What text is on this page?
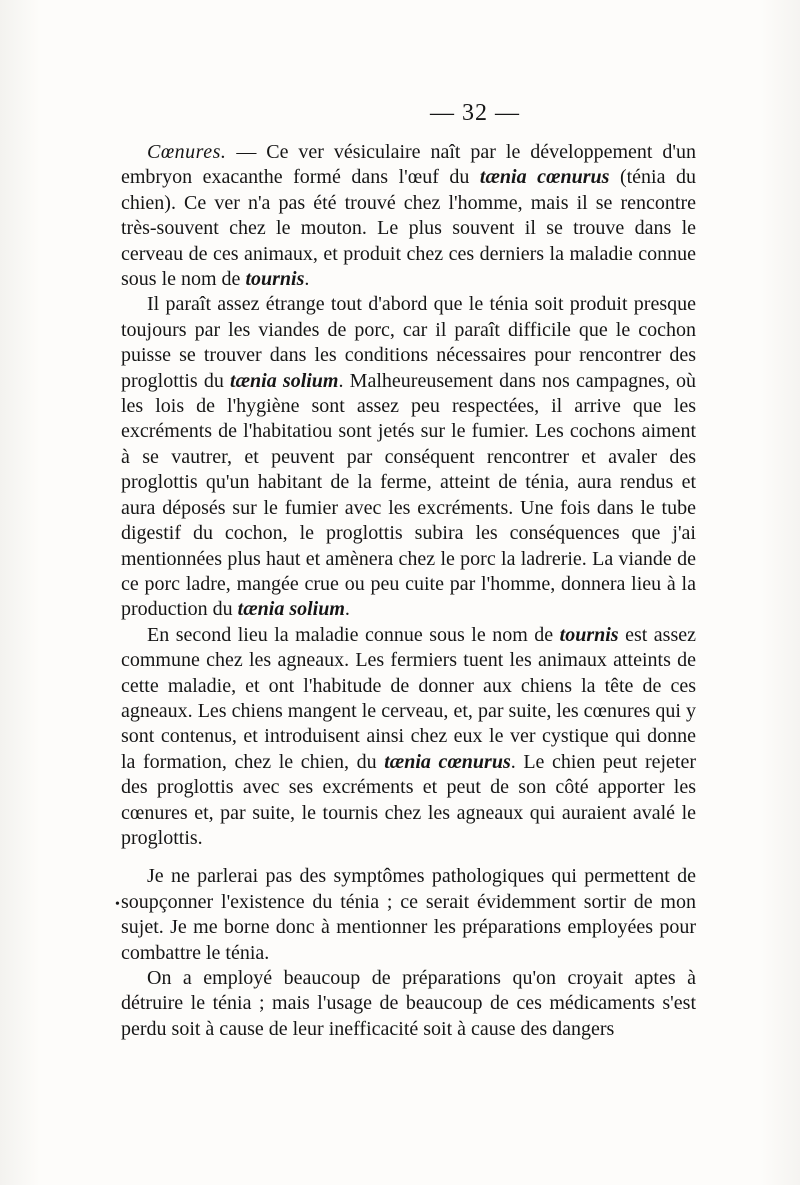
— 32 —
•

Cœnures. — Ce ver vésiculaire naît par le développement d'un embryon exacanthe formé dans l'œuf du tænia cœnurus (ténia du chien). Ce ver n'a pas été trouvé chez l'homme, mais il se rencontre très-souvent chez le mouton. Le plus souvent il se trouve dans le cerveau de ces animaux, et produit chez ces derniers la maladie connue sous le nom de tournis.

Il paraît assez étrange tout d'abord que le ténia soit produit presque toujours par les viandes de porc, car il paraît difficile que le cochon puisse se trouver dans les conditions nécessaires pour rencontrer des proglottis du tænia solium. Malheureusement dans nos campagnes, où les lois de l'hygiène sont assez peu respectées, il arrive que les excréments de l'habitatiou sont jetés sur le fumier. Les cochons aiment à se vautrer, et peuvent par conséquent rencontrer et avaler des proglottis qu'un habitant de la ferme, atteint de ténia, aura rendus et aura déposés sur le fumier avec les excréments. Une fois dans le tube digestif du cochon, le proglottis subira les conséquences que j'ai mentionnées plus haut et amènera chez le porc la ladrerie. La viande de ce porc ladre, mangée crue ou peu cuite par l'homme, donnera lieu à la production du tænia solium.

En second lieu la maladie connue sous le nom de tournis est assez commune chez les agneaux. Les fermiers tuent les animaux atteints de cette maladie, et ont l'habitude de donner aux chiens la tête de ces agneaux. Les chiens mangent le cerveau, et, par suite, les cœnures qui y sont contenus, et introduisent ainsi chez eux le ver cystique qui donne la formation, chez le chien, du tænia cœnurus. Le chien peut rejeter des proglottis avec ses excréments et peut de son côté apporter les cœnures et, par suite, le tournis chez les agneaux qui auraient avalé le proglottis.

Je ne parlerai pas des symptômes pathologiques qui permettent de soupçonner l'existence du ténia ; ce serait évidemment sortir de mon sujet. Je me borne donc à mentionner les préparations employées pour combattre le ténia.

On a employé beaucoup de préparations qu'on croyait aptes à détruire le ténia ; mais l'usage de beaucoup de ces médicaments s'est perdu soit à cause de leur inefficacité soit à cause des dangers
